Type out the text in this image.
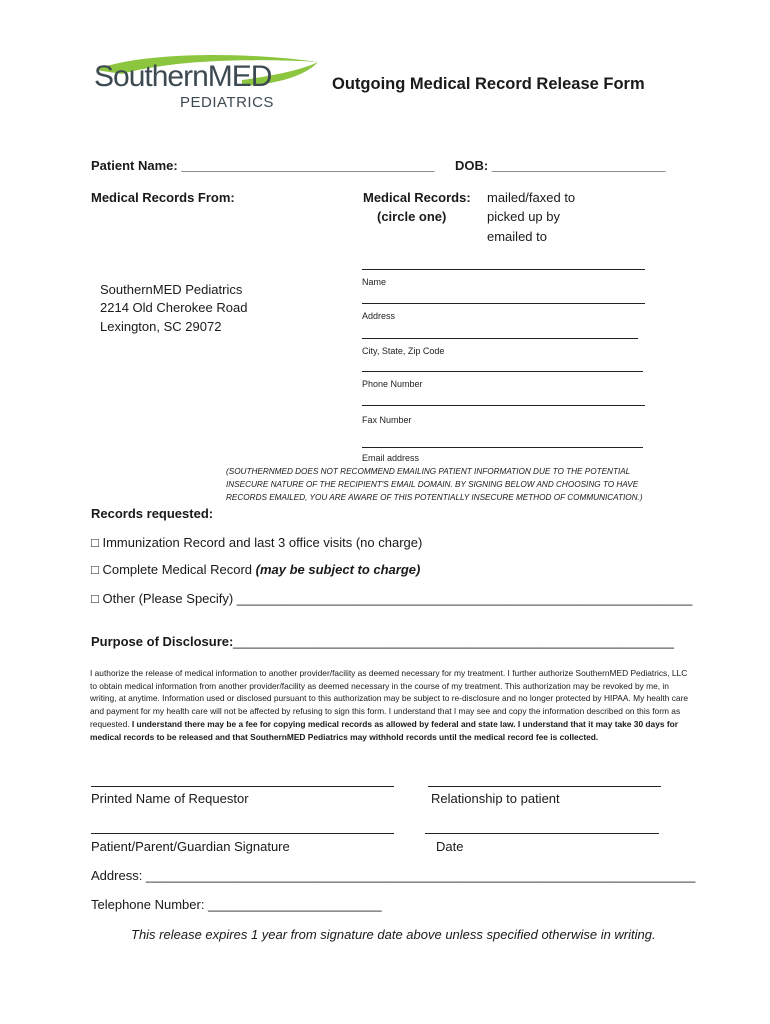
SouthernMED
PEDIATRICS
Outgoing Medical Record Release Form
Patient Name: ___________________________________ DOB: ________________________
Medical Records From:
SouthernMED Pediatrics
2214 Old Cherokee Road
Lexington, SC 29072
Medical Records:
(circle one)
mailed/faxed to
picked up by
emailed to
Name
Address
City, State, Zip Code
Phone Number
Fax Number
Email address
(SOUTHERNMED DOES NOT RECOMMEND EMAILING PATIENT INFORMATION DUE TO THE POTENTIAL INSECURE NATURE OF THE RECIPIENT'S EMAIL DOMAIN. BY SIGNING BELOW AND CHOOSING TO HAVE RECORDS EMAILED, YOU ARE AWARE OF THIS POTENTIALLY INSECURE METHOD OF COMMUNICATION.)
Records requested:
□ Immunization Record and last 3 office visits (no charge)
□ Complete Medical Record (may be subject to charge)
□ Other (Please Specify) _______________________________________________________________
Purpose of Disclosure: _____________________________________________________________
I authorize the release of medical information to another provider/facility as deemed necessary for my treatment. I further authorize SouthernMED Pediatrics, LLC to obtain medical information from another provider/facility as deemed necessary in the course of my treatment. This authorization may be revoked by me, in writing, at anytime. Information used or disclosed pursuant to this authorization may be subject to re-disclosure and no longer protected by HIPAA. My health care and payment for my health care will not be affected by refusing to sign this form. I understand that I may see and copy the information described on this form as requested. I understand there may be a fee for copying medical records as allowed by federal and state law. I understand that it may take 30 days for medical records to be released and that SouthernMED Pediatrics may withhold records until the medical record fee is collected.
Printed Name of Requestor	Relationship to patient
Patient/Parent/Guardian Signature	Date
Address: ____________________________________________________________________________
Telephone Number: ________________________
This release expires 1 year from signature date above unless specified otherwise in writing.
